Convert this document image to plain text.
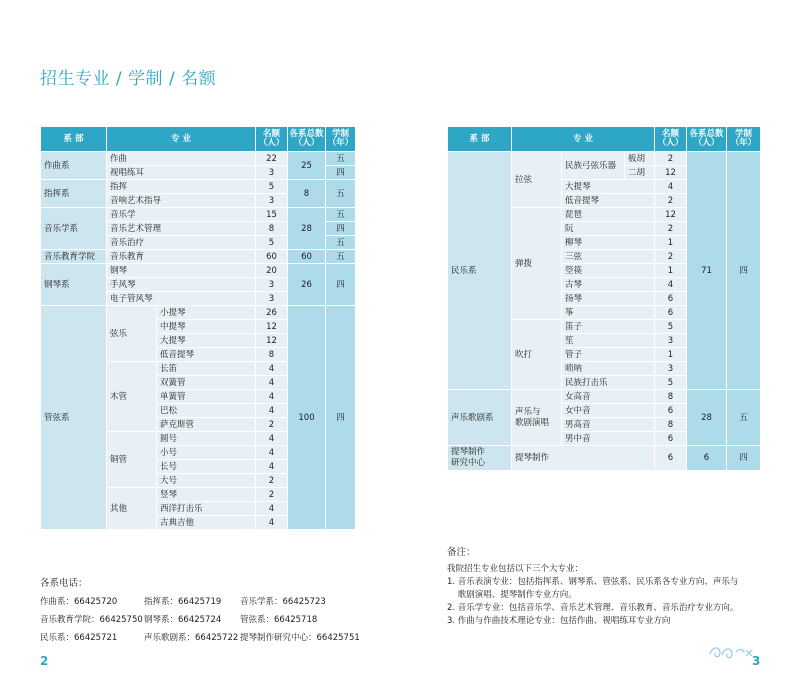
招生专业 / 学制 / 名额
系 部	专 业		名额
（人）	各系总数
（人）	学制
（年）
作曲系	作曲		22	25	五
	视唱练耳		3		四
指挥系	指挥		5	8	五
	音响艺术指导		3		
音乐学系	音乐学		15	28	五
	音乐艺术管理		8		四
	音乐治疗		5		五
音乐教育学院	音乐教育		60	60	五
钢琴系	钢琴		20	26	四
	手风琴		3		
	电子管风琴		3		
管弦系	弦乐	小提琴	26	100	四
		中提琴	12		
		大提琴	12		
		低音提琴	8		
	木管	长笛	4		
		双簧管	4		
		单簧管	4		
		巴松	4		
		萨克斯管	2		
	铜管	圆号	4		
		小号	4		
		长号	4		
		大号	2		
	其他	竖琴	2		
		西洋打击乐	4		
		古典吉他	4		
系 部	专 业			名额
（人）	各系总数
（人）	学制
（年）
民乐系	拉弦	民族弓弦乐器	板胡	2	71	四
			二胡	12		
		大提琴		4		
		低音提琴		2		
	弹拨	琵琶		12		
		阮		2		
		柳琴		1		
		三弦		2		
		箜篌		1		
		古琴		4		
		扬琴		6		
		筝		6		
	吹打	笛子		5		
		笙		3		
		管子		1		
		唢呐		3		
		民族打击乐		5		
声乐歌剧系	声乐与
歌剧演唱	女高音		8	28	五
		女中音		6		
		男高音		8		
		男中音		6		
提琴制作
研究中心	提琴制作			6	6	四
各系电话：
作曲系：66425720	指挥系：66425719	音乐学系：66425723
音乐教育学院：66425750 钢琴系：66425724	管弦系：66425718
民乐系：66425721	声乐歌剧系：66425722 提琴制作研究中心：66425751
备注：
我院招生专业包括以下三个大专业：
1. 音乐表演专业：包括指挥系、钢琴系、管弦系、民乐系各专业方向、声乐与
歌剧演唱、提琴制作专业方向。
2. 音乐学专业：包括音乐学、音乐艺术管理、音乐教育、音乐治疗专业方向。
3. 作曲与作曲技术理论专业：包括作曲、视唱练耳专业方向
2	3
